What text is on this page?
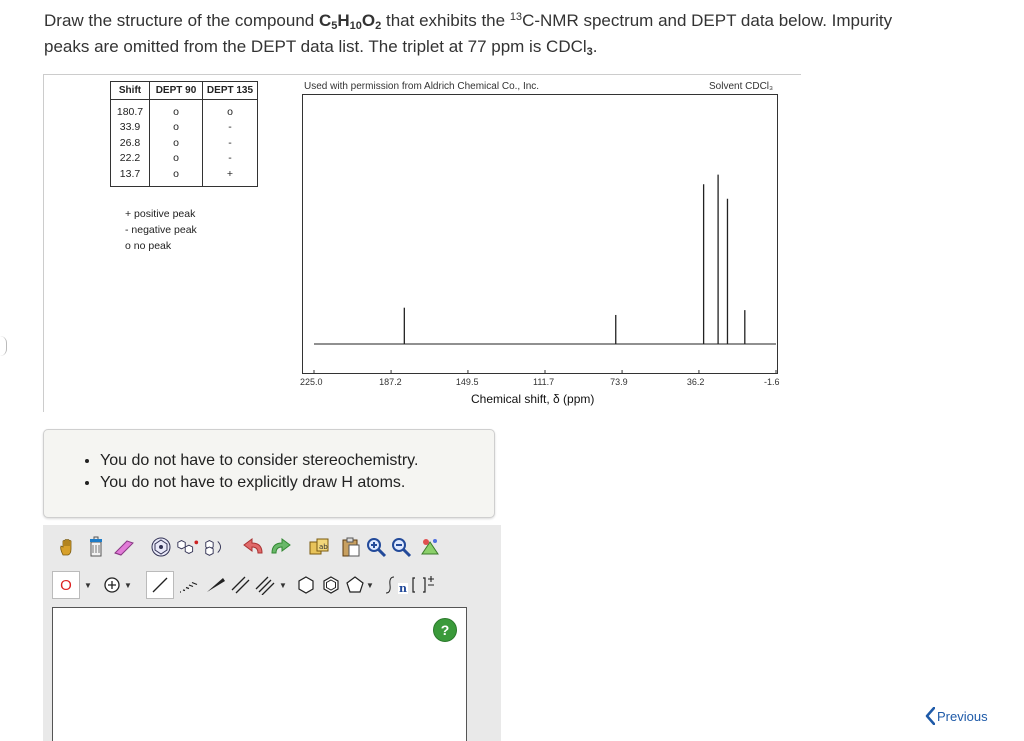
Draw the structure of the compound $C_5H_{10}O_2$ that exhibits the $^{13}$C-NMR spectrum and DEPT data below. Impurity
peaks are omitted from the DEPT data list. The triplet at 77 ppm is CDCl$_3$.
Shift	DEPT 90	DEPT 135
180.7	o	o
33.9	o	-
26.8	o	-
22.2	o	-
13.7	o	+
+ positive peak
- negative peak
o no peak
Used with permission from Aldrich Chemical Co., Inc.	Solvent CDCl₃
225.0	187.2	149.5	111.7	73.9	36.2	-1.6
Chemical shift, δ (ppm)
• You do not have to consider stereochemistry.
• You do not have to explicitly draw H atoms.
ab
O ▼	▼	▼	▼ n
?
Previous
